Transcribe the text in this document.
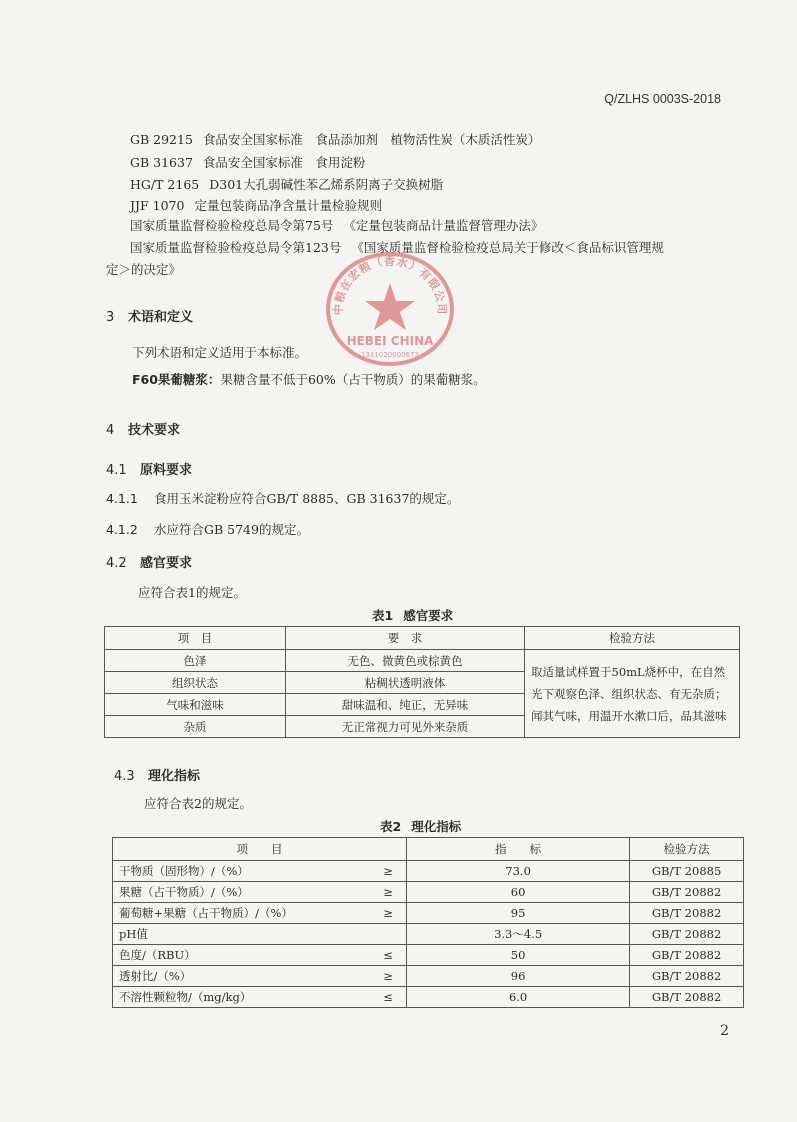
Q/ZLHS 0003S-2018
GB 29215 食品安全国家标准　食品添加剂　植物活性炭（木质活性炭）
GB 31637 食品安全国家标准　食用淀粉
HG/T 2165 D301大孔弱碱性苯乙烯系阴离子交换树脂
JJF 1070 定量包装商品净含量计量检验规则
国家质量监督检验检疫总局令第75号 《定量包装商品计量监督管理办法》
国家质量监督检验检疫总局令第123号 《国家质量监督检验检疫总局关于修改＜食品标识管理规
定＞的决定》
中粮在宏粮（香水）有限公司
HEBEI CHINA
1311020000673
3 术语和定义
下列术语和定义适用于本标准。
F60果葡糖浆：果糖含量不低于60%（占干物质）的果葡糖浆。
4 技术要求
4.1 原料要求
4.1.1 食用玉米淀粉应符合GB/T 8885、GB 31637的规定。
4.1.2 水应符合GB 5749的规定。
4.2 感官要求
应符合表1的规定。
表1 感官要求
项　目	要　求	检验方法
色泽	无色、微黄色或棕黄色	取适量试样置于50mL烧杯中，在自然光下观察色泽、组织状态、有无杂质；闻其气味，用温开水漱口后，品其滋味
组织状态	粘稠状透明液体	
气味和滋味	甜味温和、纯正，无异味	
杂质	无正常视力可见外来杂质	
4.3 理化指标
应符合表2的规定。
表2 理化指标
项　　目		指　　标	检验方法
干物质（固形物）/（%）	≥	73.0	GB/T 20885
果糖（占干物质）/（%）	≥	60	GB/T 20882
葡萄糖+果糖（占干物质）/（%）	≥	95	GB/T 20882
pH值		3.3～4.5	GB/T 20882
色度/（RBU）	≤	50	GB/T 20882
透射比/（%）	≥	96	GB/T 20882
不溶性颗粒物/（mg/kg）	≤	6.0	GB/T 20882
2
